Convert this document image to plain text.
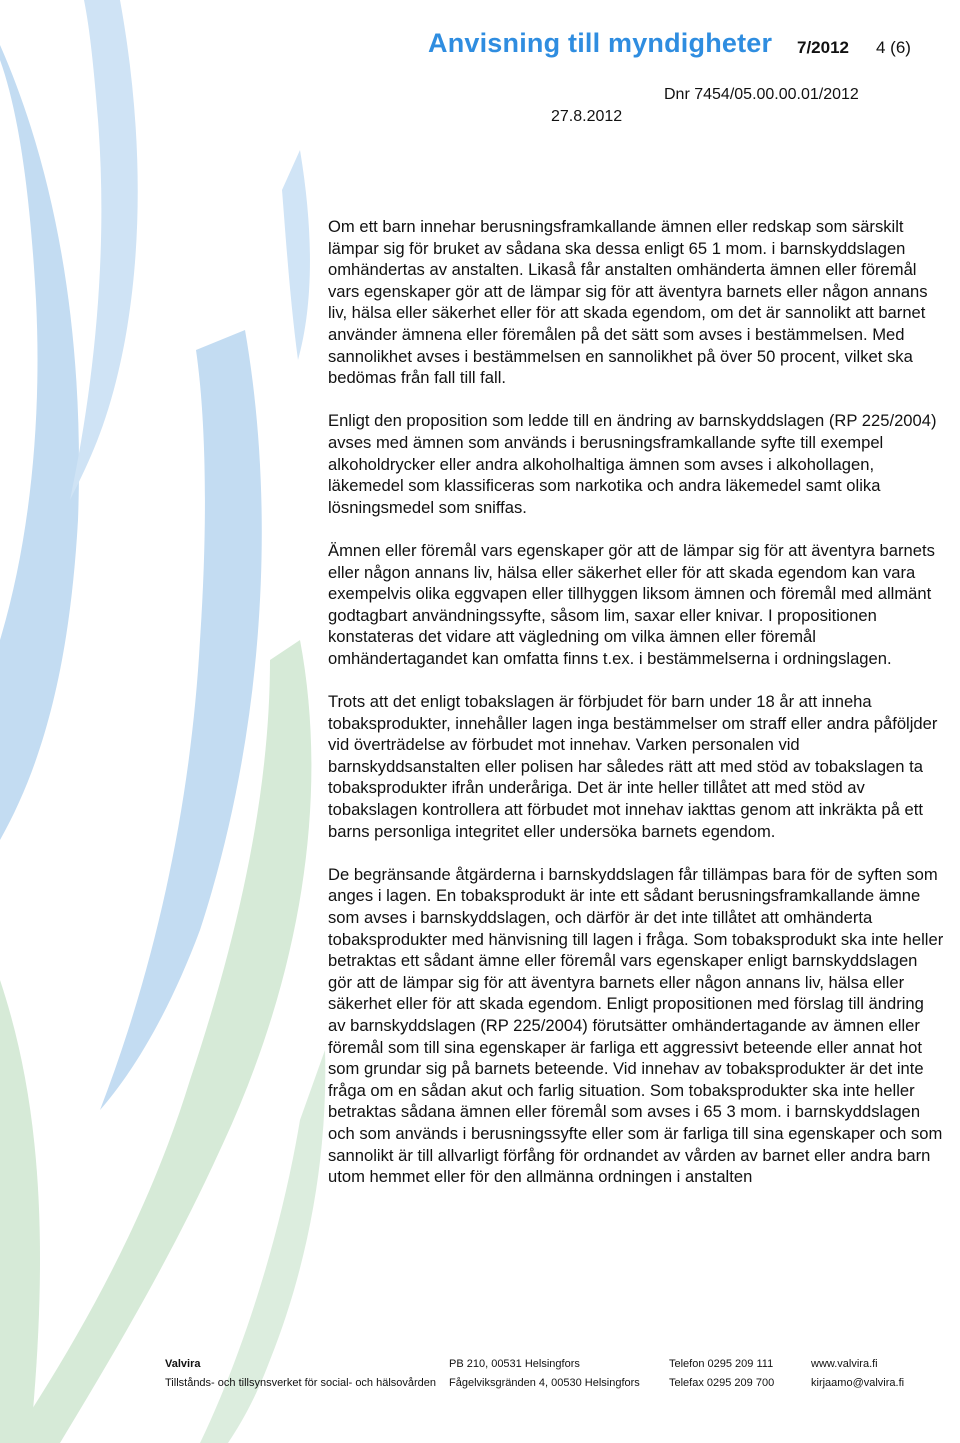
Anvisning till myndigheter 7/2012 4 (6)
Dnr 7454/05.00.00.01/2012
27.8.2012

Om ett barn innehar berusningsframkallande ämnen eller redskap som särskilt lämpar sig för bruket av sådana ska dessa enligt 65 1 mom. i barnskyddslagen omhändertas av anstalten. Likaså får anstalten omhänderta ämnen eller föremål vars egenskaper gör att de lämpar sig för att äventyra barnets eller någon annans liv, hälsa eller säkerhet eller för att skada egendom, om det är sannolikt att barnet använder ämnena eller föremålen på det sätt som avses i bestämmelsen. Med sannolikhet avses i bestämmelsen en sannolikhet på över 50 procent, vilket ska bedömas från fall till fall.

Enligt den proposition som ledde till en ändring av barnskyddslagen (RP 225/2004) avses med ämnen som används i berusningsframkallande syfte till exempel alkoholdrycker eller andra alkoholhaltiga ämnen som avses i alkohollagen, läkemedel som klassificeras som narkotika och andra läkemedel samt olika lösningsmedel som sniffas.

Ämnen eller föremål vars egenskaper gör att de lämpar sig för att äventyra barnets eller någon annans liv, hälsa eller säkerhet eller för att skada egendom kan vara exempelvis olika eggvapen eller tillhyggen liksom ämnen och föremål med allmänt godtagbart användningssyfte, såsom lim, saxar eller knivar. I propositionen konstateras det vidare att vägledning om vilka ämnen eller föremål omhändertagandet kan omfatta finns t.ex. i bestämmelserna i ordningslagen.

Trots att det enligt tobakslagen är förbjudet för barn under 18 år att inneha tobaksprodukter, innehåller lagen inga bestämmelser om straff eller andra påföljder vid överträdelse av förbudet mot innehav. Varken personalen vid barnskyddsanstalten eller polisen har således rätt att med stöd av tobakslagen ta tobaksprodukter ifrån underåriga. Det är inte heller tillåtet att med stöd av tobakslagen kontrollera att förbudet mot innehav iakttas genom att inkräkta på ett barns personliga integritet eller undersöka barnets egendom.

De begränsande åtgärderna i barnskyddslagen får tillämpas bara för de syften som anges i lagen. En tobaksprodukt är inte ett sådant berusningsframkallande ämne som avses i barnskyddslagen, och därför är det inte tillåtet att omhänderta tobaksprodukter med hänvisning till lagen i fråga. Som tobaksprodukt ska inte heller betraktas ett sådant ämne eller föremål vars egenskaper enligt barnskyddslagen gör att de lämpar sig för att äventyra barnets eller någon annans liv, hälsa eller säkerhet eller för att skada egendom. Enligt propositionen med förslag till ändring av barnskyddslagen (RP 225/2004) förutsätter omhändertagande av ämnen eller föremål som till sina egenskaper är farliga ett aggressivt beteende eller annat hot som grundar sig på barnets beteende. Vid innehav av tobaksprodukter är det inte fråga om en sådan akut och farlig situation. Som tobaksprodukter ska inte heller betraktas sådana ämnen eller föremål som avses i 65 3 mom. i barnskyddslagen och som används i berusningssyfte eller som är farliga till sina egenskaper och som sannolikt är till allvarligt förfång för ordnandet av vården av barnet eller andra barn utom hemmet eller för den allmänna ordningen i anstalten

Valvira
Tillstånds- och tillsynsverket för social- och hälsovården
PB 210, 00531 Helsingfors
Fågelviksgränden 4, 00530 Helsingfors
Telefon 0295 209 111
Telefax 0295 209 700
www.valvira.fi
kirjaamo@valvira.fi
